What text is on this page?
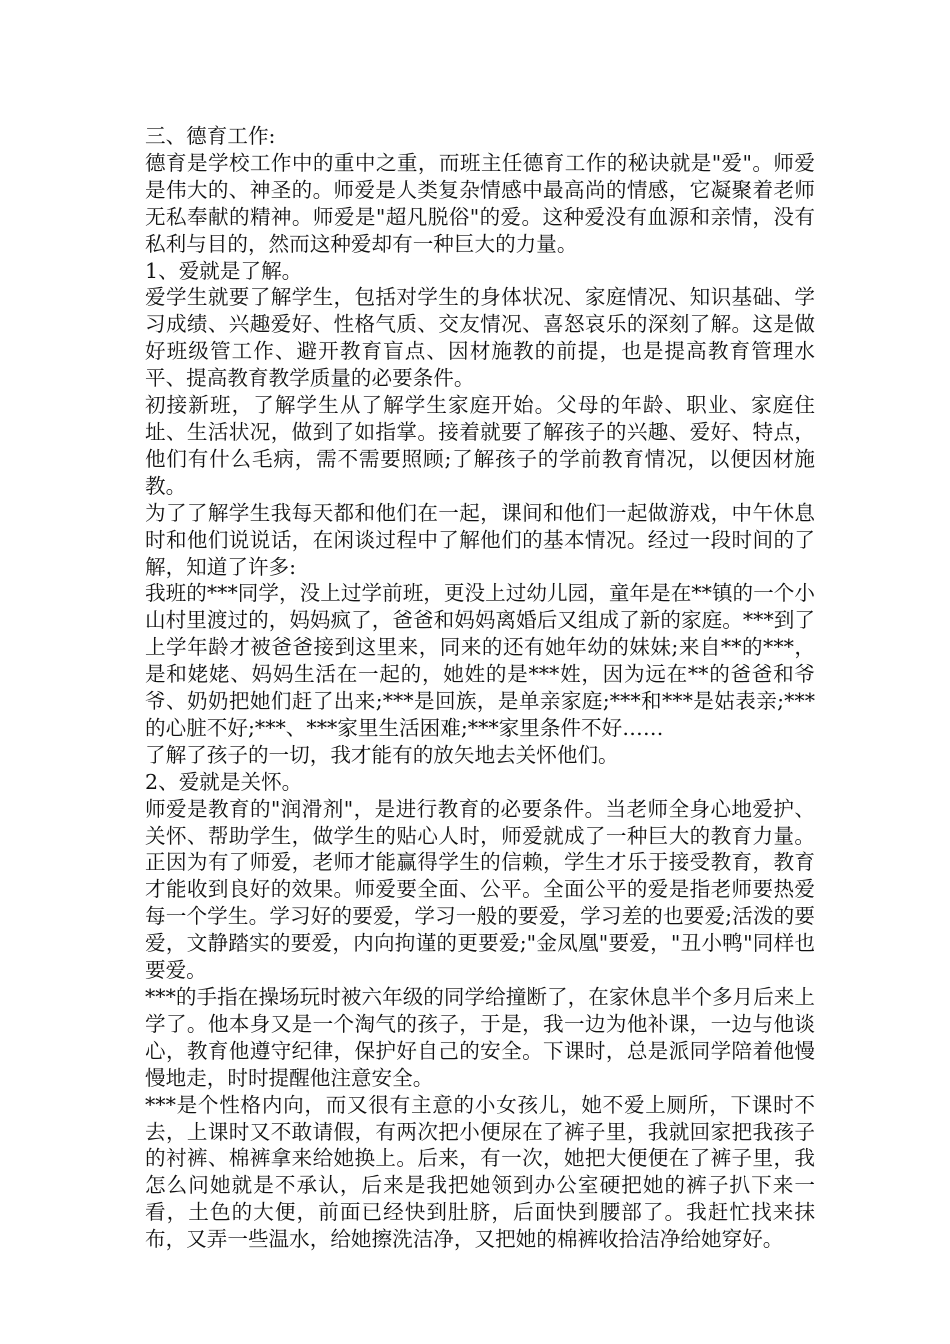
三、德育工作:

德育是学校工作中的重中之重，而班主任德育工作的秘诀就是"爱"。师爱是伟大的、神圣的。师爱是人类复杂情感中最高尚的情感，它凝聚着老师无私奉献的精神。师爱是"超凡脱俗"的爱。这种爱没有血源和亲情，没有私利与目的，然而这种爱却有一种巨大的力量。

1、爱就是了解。

爱学生就要了解学生，包括对学生的身体状况、家庭情况、知识基础、学习成绩、兴趣爱好、性格气质、交友情况、喜怒哀乐的深刻了解。这是做好班级管工作、避开教育盲点、因材施教的前提，也是提高教育管理水平、提高教育教学质量的必要条件。

初接新班，了解学生从了解学生家庭开始。父母的年龄、职业、家庭住址、生活状况，做到了如指掌。接着就要了解孩子的兴趣、爱好、特点，他们有什么毛病，需不需要照顾;了解孩子的学前教育情况，以便因材施教。

为了了解学生我每天都和他们在一起，课间和他们一起做游戏，中午休息时和他们说说话，在闲谈过程中了解他们的基本情况。经过一段时间的了解，知道了许多:

我班的***同学，没上过学前班，更没上过幼儿园，童年是在**镇的一个小山村里渡过的，妈妈疯了，爸爸和妈妈离婚后又组成了新的家庭。***到了上学年龄才被爸爸接到这里来，同来的还有她年幼的妹妹;来自**的***，是和姥姥、妈妈生活在一起的，她姓的是***姓，因为远在**的爸爸和爷爷、奶奶把她们赶了出来;***是回族，是单亲家庭;***和***是姑表亲;***的心脏不好;***、***家里生活困难;***家里条件不好……

了解了孩子的一切，我才能有的放矢地去关怀他们。

2、爱就是关怀。

师爱是教育的"润滑剂"，是进行教育的必要条件。当老师全身心地爱护、关怀、帮助学生，做学生的贴心人时，师爱就成了一种巨大的教育力量。正因为有了师爱，老师才能赢得学生的信赖，学生才乐于接受教育，教育才能收到良好的效果。师爱要全面、公平。全面公平的爱是指老师要热爱每一个学生。学习好的要爱，学习一般的要爱，学习差的也要爱;活泼的要爱，文静踏实的要爱，内向拘谨的更要爱;"金凤凰"要爱，"丑小鸭"同样也要爱。

***的手指在操场玩时被六年级的同学给撞断了，在家休息半个多月后来上学了。他本身又是一个淘气的孩子，于是，我一边为他补课，一边与他谈心，教育他遵守纪律，保护好自己的安全。下课时，总是派同学陪着他慢慢地走，时时提醒他注意安全。

***是个性格内向，而又很有主意的小女孩儿，她不爱上厕所，下课时不去，上课时又不敢请假，有两次把小便尿在了裤子里，我就回家把我孩子的衬裤、棉裤拿来给她换上。后来，有一次，她把大便便在了裤子里，我怎么问她就是不承认，后来是我把她领到办公室硬把她的裤子扒下来一看，土色的大便，前面已经快到肚脐，后面快到腰部了。我赶忙找来抹布，又弄一些温水，给她擦洗洁净，又把她的棉裤收拾洁净给她穿好。
